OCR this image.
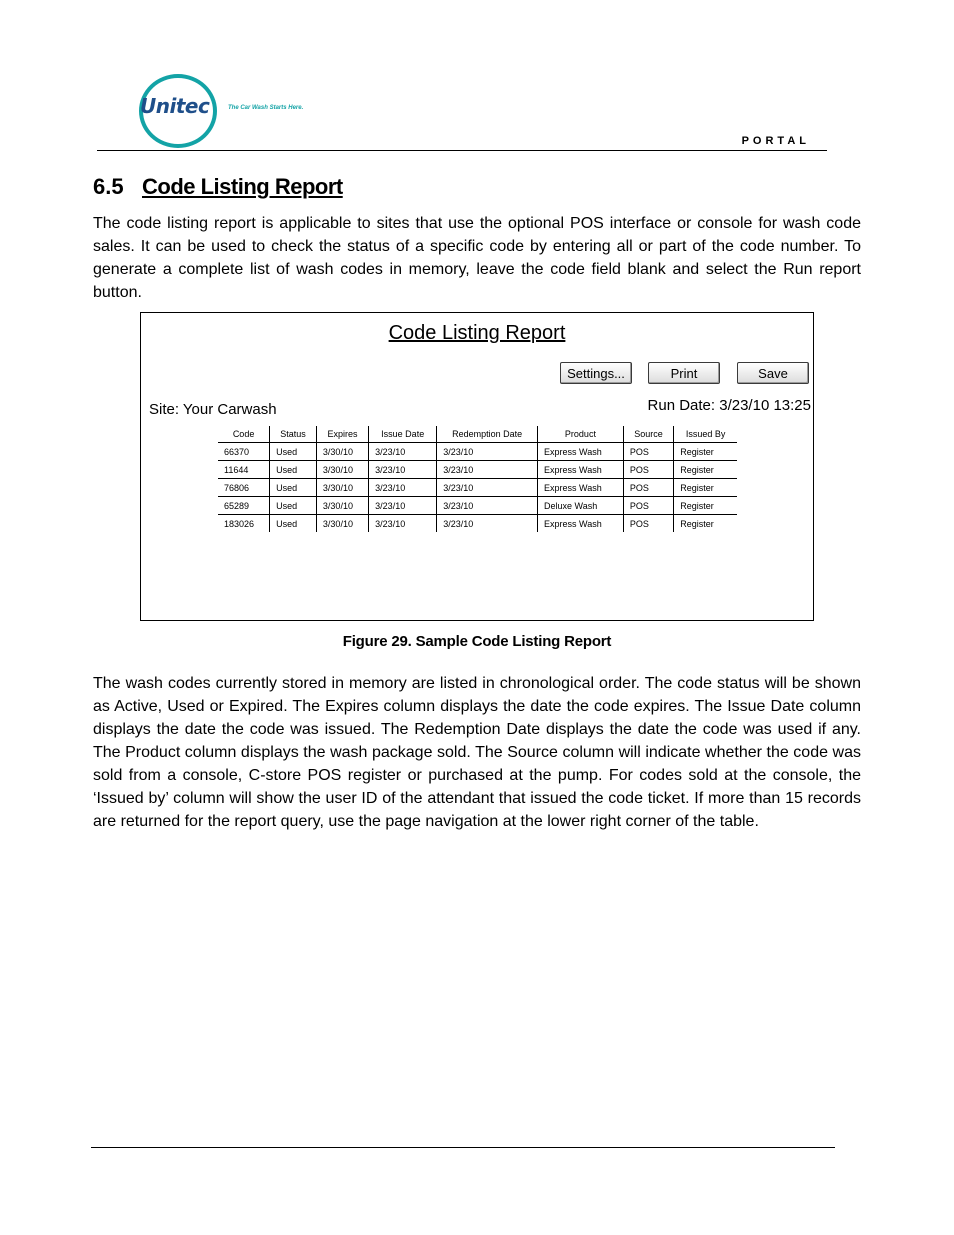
Unitec	The Car Wash Starts Here.
PORTAL
6.5 Code Listing Report
The code listing report is applicable to sites that use the optional POS interface or console for wash code sales. It can be used to check the status of a specific code by entering all or part of the code number. To generate a complete list of wash codes in memory, leave the code field blank and select the Run report button.
Code Listing Report
Settings...	Print	Save
Site: Your Carwash	Run Date: 3/23/10 13:25
Code	Status	Expires	Issue Date	Redemption Date	Product	Source	Issued By
66370	Used	3/30/10	3/23/10	3/23/10	Express Wash	POS	Register
11644	Used	3/30/10	3/23/10	3/23/10	Express Wash	POS	Register
76806	Used	3/30/10	3/23/10	3/23/10	Express Wash	POS	Register
65289	Used	3/30/10	3/23/10	3/23/10	Deluxe Wash	POS	Register
183026	Used	3/30/10	3/23/10	3/23/10	Express Wash	POS	Register
Figure 29. Sample Code Listing Report
The wash codes currently stored in memory are listed in chronological order. The code status will be shown as Active, Used or Expired. The Expires column displays the date the code expires. The Issue Date column displays the date the code was issued. The Redemption Date displays the date the code was used if any. The Product column displays the wash package sold. The Source column will indicate whether the code was sold from a console, C-store POS register or purchased at the pump. For codes sold at the console, the ‘Issued by’ column will show the user ID of the attendant that issued the code ticket. If more than 15 records are returned for the report query, use the page navigation at the lower right corner of the table.
